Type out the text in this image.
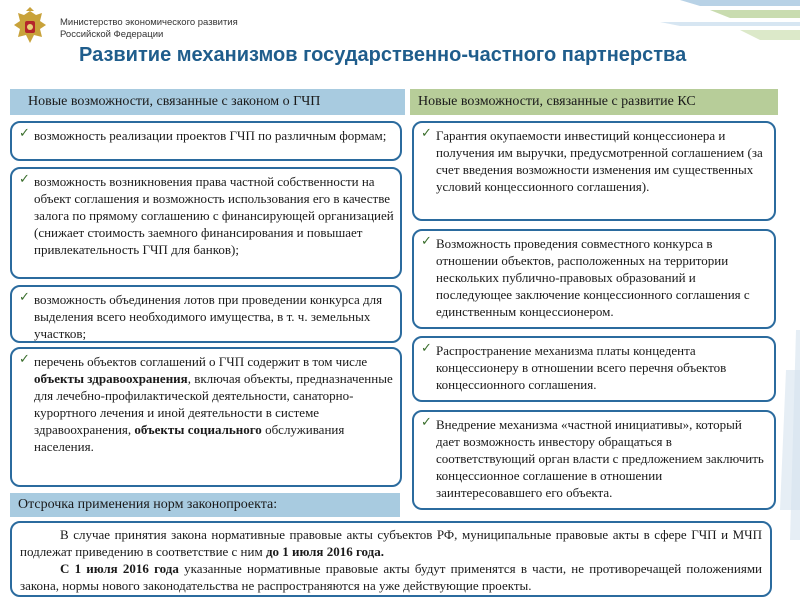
Министерство экономического развития
Российской Федерации
Развитие механизмов государственно-частного партнерства
Новые возможности, связанные с законом о ГЧП	Новые возможности, связанные с развитие КС
✓ возможность реализации проектов ГЧП по различным формам;
✓ возможность возникновения права частной собственности на объект соглашения и возможность использования его в качестве залога по прямому соглашению с финансирующей организацией (снижает стоимость заемного финансирования и повышает привлекательность ГЧП для банков);
✓ возможность объединения лотов при проведении конкурса для выделения всего необходимого имущества, в т. ч. земельных участков;
✓ перечень объектов соглашений о ГЧП содержит в том числе объекты здравоохранения, включая объекты, предназначенные для лечебно-профилактической деятельности, санаторно-курортного лечения и иной деятельности в системе здравоохранения, объекты социального обслуживания населения.
✓ Гарантия окупаемости инвестиций концессионера и получения им выручки, предусмотренной соглашением (за счет введения возможности изменения им существенных условий концессионного соглашения).
✓ Возможность проведения совместного конкурса в отношении объектов, расположенных на территории нескольких публично-правовых образований и последующее заключение концессионного соглашения с единственным концессионером.
✓ Распространение механизма платы концедента концессионеру в отношении всего перечня объектов концессионного соглашения.
✓ Внедрение механизма «частной инициативы», который дает возможность инвестору обращаться в соответствующий орган власти с предложением заключить концессионное соглашение в отношении заинтересовавшего его объекта.
Отсрочка применения норм законопроекта:

В случае принятия закона нормативные правовые акты субъектов РФ, муниципальные правовые акты в сфере ГЧП и МЧП подлежат приведению в соответствие с ним до 1 июля 2016 года.

С 1 июля 2016 года указанные нормативные правовые акты будут применятся в части, не противоречащей положениями закона, нормы нового законодательства не распространяются на уже действующие проекты.
